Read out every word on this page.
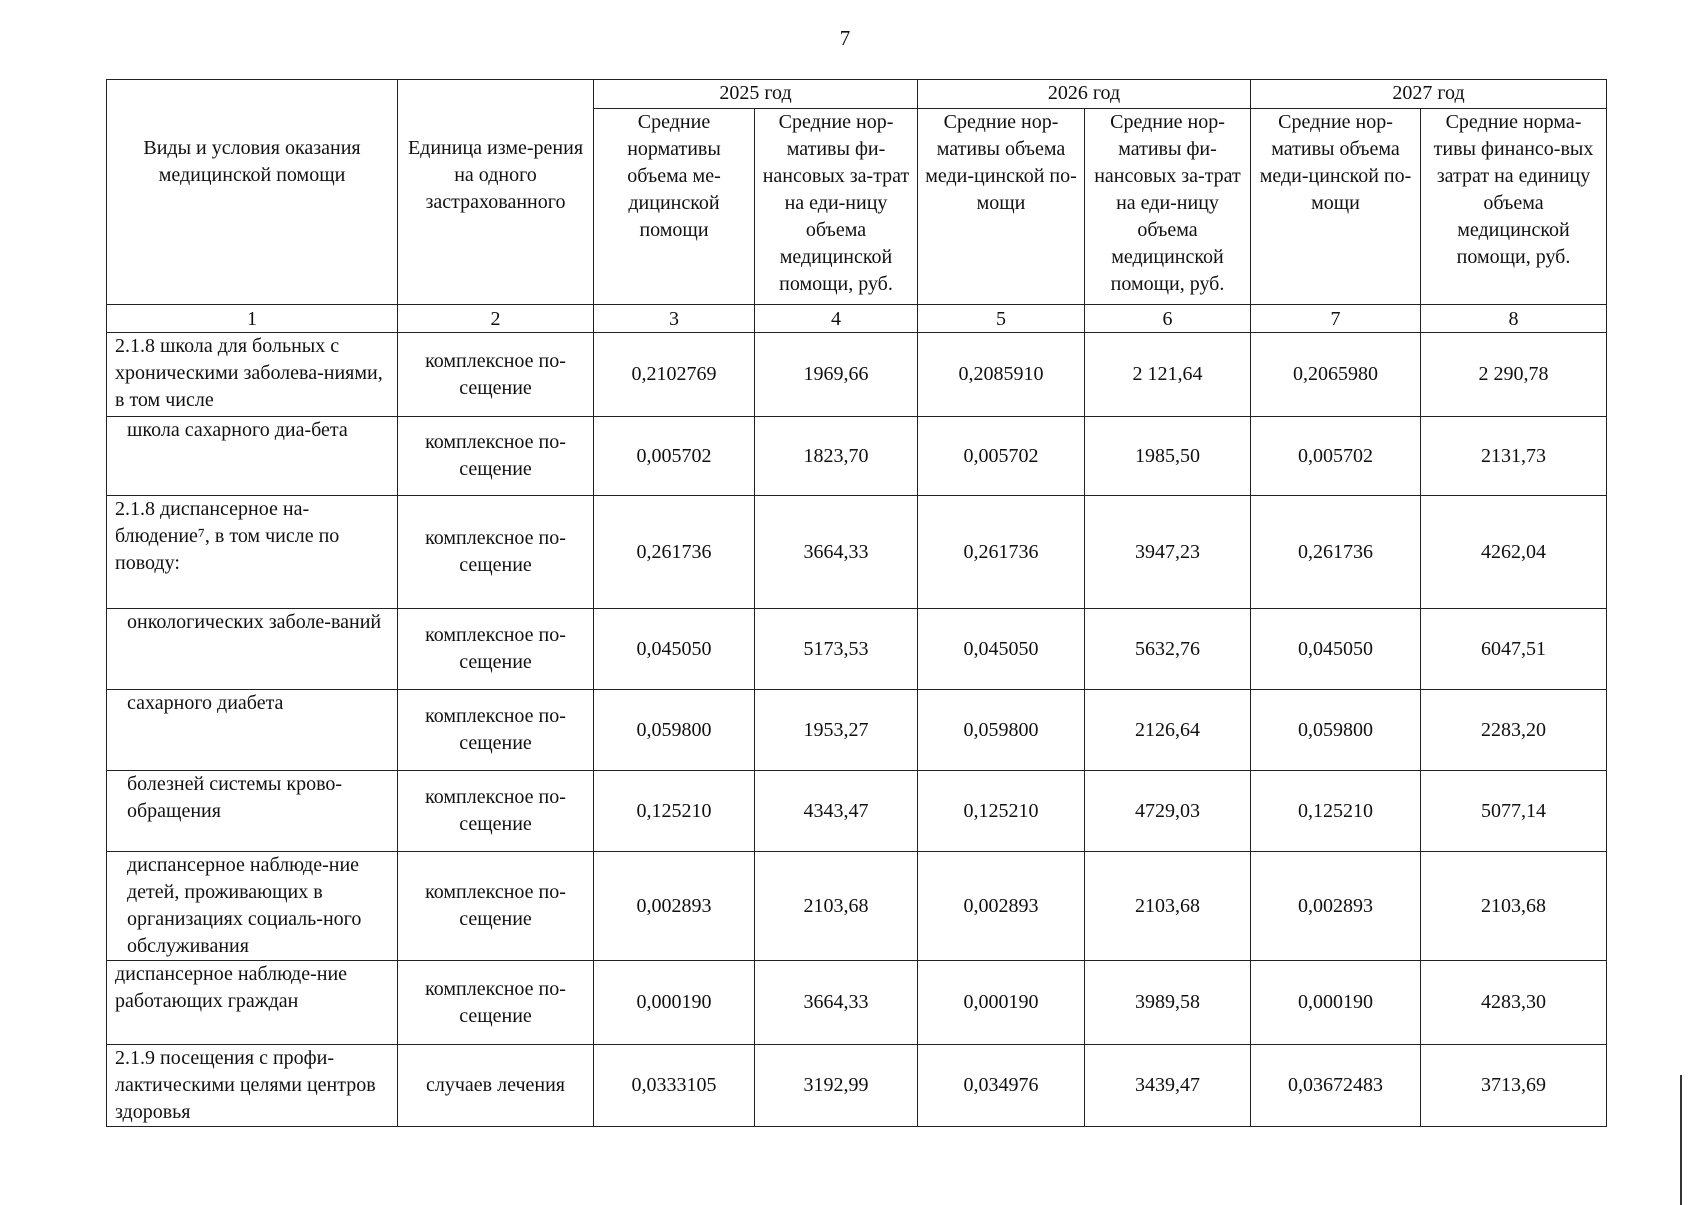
7
Виды и условия оказания медицинской помощи	Единица изме-рения на одного застрахованного	2025 год		2026 год		2027 год	
		Средние нормативы объема ме-дицинской помощи	Средние нор-мативы фи-нансовых за-трат на еди-ницу объема медицинской помощи, руб.	Средние нор-мативы объема меди-цинской по-мощи	Средние нор-мативы фи-нансовых за-трат на еди-ницу объема медицинской помощи, руб.	Средние нор-мативы объема меди-цинской по-мощи	Средние норма-тивы финансо-вых затрат на единицу объема медицинской помощи, руб.
1	2	3	4	5	6	7	8
2.1.8 школа для больных с хроническими заболева-ниями, в том числе	комплексное по-сещение	0,2102769	1969,66	0,2085910	2 121,64	0,2065980	2 290,78
школа сахарного диа-бета	комплексное по-сещение	0,005702	1823,70	0,005702	1985,50	0,005702	2131,73
2.1.8 диспансерное на-блюдение⁷, в том числе по поводу:	комплексное по-сещение	0,261736	3664,33	0,261736	3947,23	0,261736	4262,04
онкологических заболе-ваний	комплексное по-сещение	0,045050	5173,53	0,045050	5632,76	0,045050	6047,51
сахарного диабета	комплексное по-сещение	0,059800	1953,27	0,059800	2126,64	0,059800	2283,20
болезней системы крово-обращения	комплексное по-сещение	0,125210	4343,47	0,125210	4729,03	0,125210	5077,14
диспансерное наблюде-ние детей, проживающих в организациях социаль-ного обслуживания	комплексное по-сещение	0,002893	2103,68	0,002893	2103,68	0,002893	2103,68
диспансерное наблюде-ние работающих граждан	комплексное по-сещение	0,000190	3664,33	0,000190	3989,58	0,000190	4283,30
2.1.9 посещения с профи-лактическими целями центров здоровья	случаев лечения	0,0333105	3192,99	0,034976	3439,47	0,03672483	3713,69
